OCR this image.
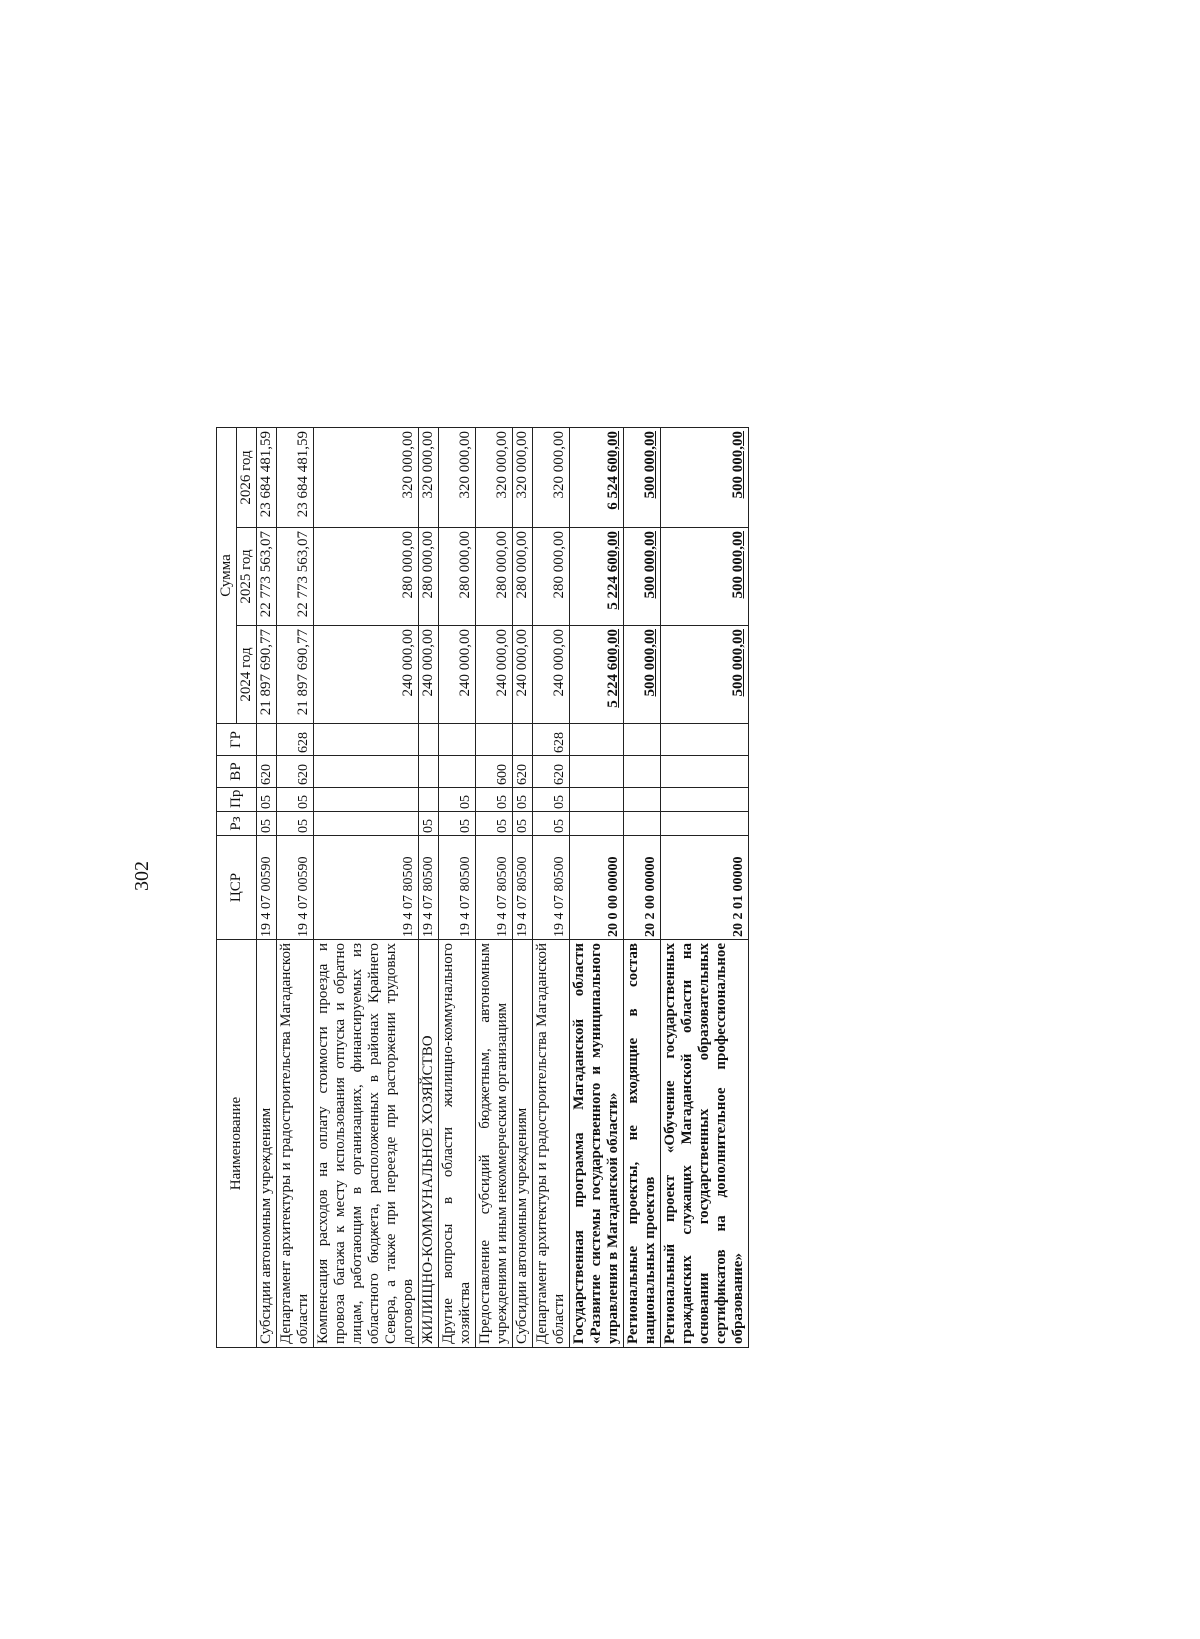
302
Наименование	ЦСР	Рз	Пр	ВР	ГР	Сумма		
						2024 год	2025 год	2026 год
Субсидии автономным учреждениям	19 4 07 00590	05	05	620		21 897 690,77	22 773 563,07	23 684 481,59
Департамент архитектуры и градостроительства Магаданской области	19 4 07 00590	05	05	620	628	21 897 690,77	22 773 563,07	23 684 481,59
Компенсация расходов на оплату стоимости проезда и провоза багажа к месту использования отпуска и обратно лицам, работающим в организациях, финансируемых из областного бюджета, расположенных в районах Крайнего Севера, а также при переезде при расторжении трудовых договоров	19 4 07 80500					240 000,00	280 000,00	320 000,00
ЖИЛИЩНО-КОММУНАЛЬНОЕ ХОЗЯЙСТВО	19 4 07 80500	05				240 000,00	280 000,00	320 000,00
Другие вопросы в области жилищно-коммунального хозяйства	19 4 07 80500	05	05			240 000,00	280 000,00	320 000,00
Предоставление субсидий бюджетным, автономным учреждениям и иным некоммерческим организациям	19 4 07 80500	05	05	600		240 000,00	280 000,00	320 000,00
Субсидии автономным учреждениям	19 4 07 80500	05	05	620		240 000,00	280 000,00	320 000,00
Департамент архитектуры и градостроительства Магаданской области	19 4 07 80500	05	05	620	628	240 000,00	280 000,00	320 000,00
Государственная программа Магаданской области «Развитие системы государственного и муниципального управления в Магаданской области»	20 0 00 00000					5 224 600,00	5 224 600,00	6 524 600,00
Региональные проекты, не входящие в состав национальных проектов	20 2 00 00000					500 000,00	500 000,00	500 000,00
Региональный проект «Обучение государственных гражданских служащих Магаданской области на основании государственных образовательных сертификатов на дополнительное профессиональное образование»	20 2 01 00000					500 000,00	500 000,00	500 000,00
